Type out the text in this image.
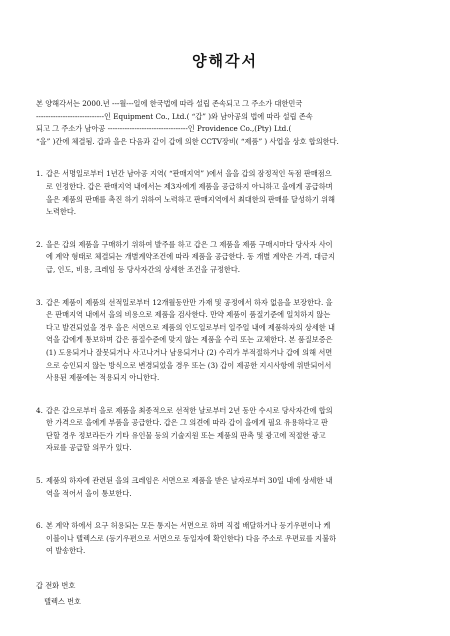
양해각서
본 양해각서는 2000.년 ---월---일에 한국법에 따라 설립 존속되고 그 주소가 대한민국
----------------------------인 Equipment Co., Ltd.( “갑” )와 남아공의 법에 따라 설립 존속
되고 그 주소가 남아공 ---------------------------------인 Providence Co.,(Pty) Ltd.(
“을” )간에 체결됨. 갑과 을은 다음과 같이 갑에 의한 CCTV장비( “제품” ) 사업을 상호 합의한다.
1. 갑은 서명일로부터 1년간 남아공 지역( “판매지역” )에서 을을 갑의 잠정적인 독점 판매점으
로 인정한다. 갑은 판매지역 내에서는 제3자에게 제품을 공급하지 아니하고 을에게 공급하며
을은 제품의 판매를 촉진 하기 위하여 노력하고 판매지역에서 최대한의 판매를 달성하기 위해
노력한다.
2. 을은 갑의 제품을 구매하기 위하여 발주를 하고 갑은 그 제품을 제품 구매시마다 당사자 사이
에 계약 형태로 체결되는 개별계약조건에 따라 제품을 공급한다. 동 개별 계약은 가격, 대금지
급, 인도, 비용, 크레임 등 당사자간의 상세한 조건을 규정한다.
3. 갑은 제품이 제품의 선적일로부터 12개월동안만 가재 및 공정에서 하자 없음을 보장한다. 을
은 판매지역 내에서 을의 비용으로 제품을 검사한다. 만약 제품이 품질기준에 일치하지 않는
다고 발견되었을 경우 을은 서면으로 제품의 인도일로부터 일주일 내에 제품하자의 상세한 내
역을 갑에게 통보하며 갑은 품질수준에 맞지 않는 제품을 수리 또는 교체한다. 본 품질보증은
(1) 도용되거나 잘못되거나 사고나거나 남용되거나 (2) 수리가 부적절하거나 갑에 의해 서면
으로 승인되지 않는 방식으로 변경되었을 경우 또는 (3) 갑이 제공한 지시사항에 위반되어서
사용된 제품에는 적용되지 아니한다.
4. 갑은 갑으로부터 을로 제품을 최종적으로 선적한 날로부터 2년 동안 수시로 당사자간에 합의
한 가격으로 을에게 부품을 공급한다. 갑은 그 의견에 따라 갑이 을에게 필요 유용하다고 판
단할 경우 정보라든가 기타 유인물 등의 기술지원 또는 제품의 판촉 및 광고에 적절한 광고
자료를 공급할 의무가 있다.
5. 제품의 하자에 관련된 을의 크레임은 서면으로 제품을 받은 날자로부터 30일 내에 상세한 내
역을 적어서 을이 통보한다.
6. 본 계약 하에서 요구 허용되는 모든 통지는 서면으로 하며 직접 배달하거나 등기우편이나 케
이블이나 텔렉스로 (등기우편으로 서면으로 동일자에 확인한다) 다음 주소로 우편료를 지불하
여 발송한다.
갑 전화 번호
텔렉스 번호
